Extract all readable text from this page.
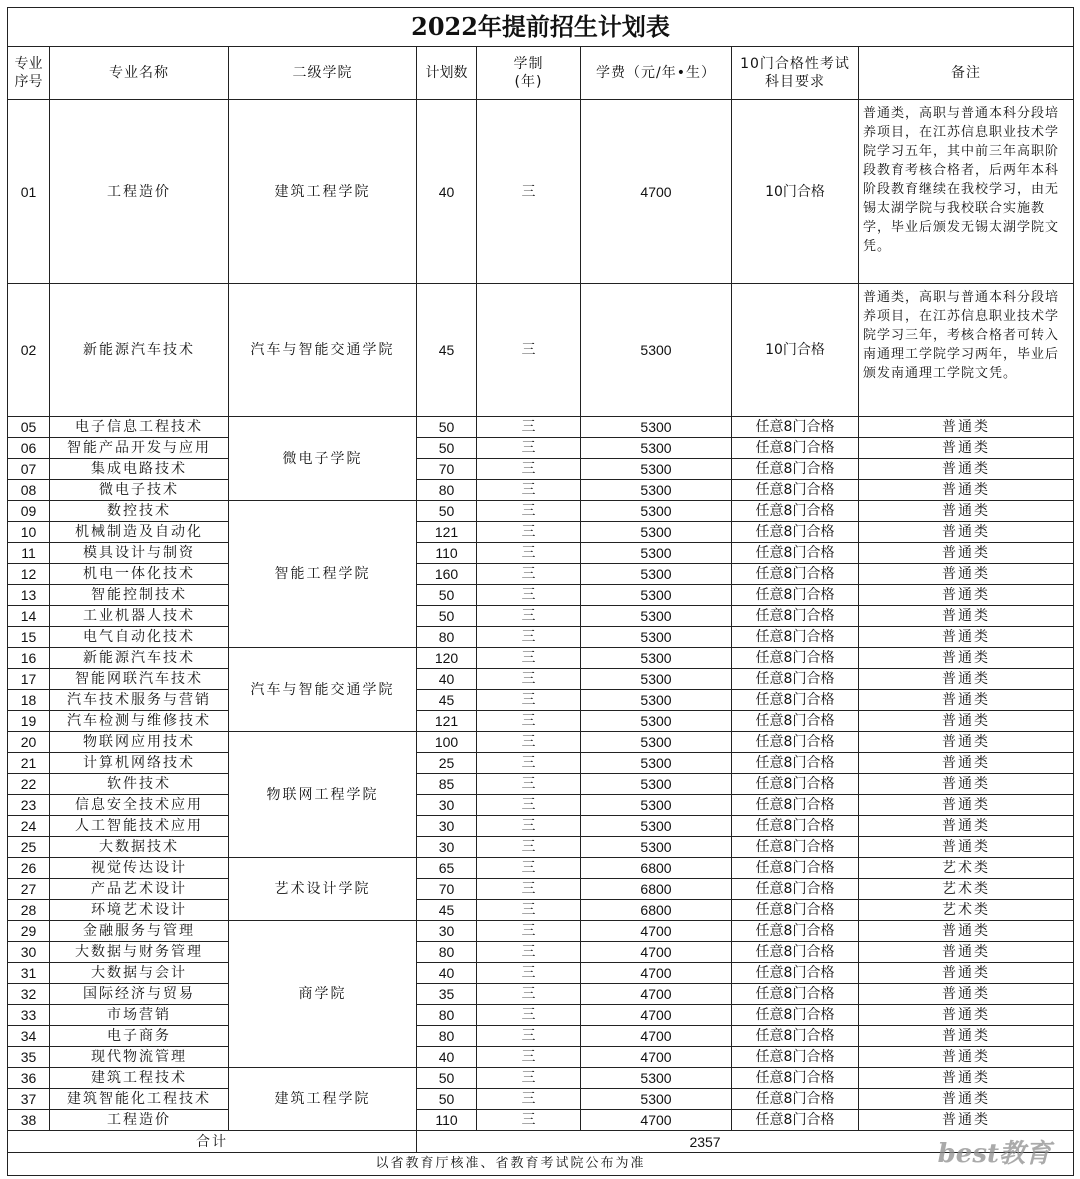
2022年提前招生计划表							
专业序号	专业名称	二级学院	计划数	学制(年)	学费（元/年•生）	10门合格性考试科目要求	备注
01	工程造价	建筑工程学院	40	三	4700	10门合格	普通类，高职与普通本科分段培养项目，在江苏信息职业技术学院学习五年，其中前三年高职阶段教育考核合格者，后两年本科阶段教育继续在我校学习，由无锡太湖学院与我校联合实施教学，毕业后颁发无锡太湖学院文凭。
02	新能源汽车技术	汽车与智能交通学院	45	三	5300	10门合格	普通类，高职与普通本科分段培养项目，在江苏信息职业技术学院学习三年，考核合格者可转入南通理工学院学习两年，毕业后颁发南通理工学院文凭。
05	电子信息工程技术	微电子学院	50	三	5300	任意8门合格	普通类
06	智能产品开发与应用		50	三	5300	任意8门合格	普通类
07	集成电路技术		70	三	5300	任意8门合格	普通类
08	微电子技术		80	三	5300	任意8门合格	普通类
09	数控技术	智能工程学院	50	三	5300	任意8门合格	普通类
10	机械制造及自动化		121	三	5300	任意8门合格	普通类
11	模具设计与制资		110	三	5300	任意8门合格	普通类
12	机电一体化技术		160	三	5300	任意8门合格	普通类
13	智能控制技术		50	三	5300	任意8门合格	普通类
14	工业机器人技术		50	三	5300	任意8门合格	普通类
15	电气自动化技术		80	三	5300	任意8门合格	普通类
16	新能源汽车技术	汽车与智能交通学院	120	三	5300	任意8门合格	普通类
17	智能网联汽车技术		40	三	5300	任意8门合格	普通类
18	汽车技术服务与营销		45	三	5300	任意8门合格	普通类
19	汽车检测与维修技术		121	三	5300	任意8门合格	普通类
20	物联网应用技术	物联网工程学院	100	三	5300	任意8门合格	普通类
21	计算机网络技术		25	三	5300	任意8门合格	普通类
22	软件技术		85	三	5300	任意8门合格	普通类
23	信息安全技术应用		30	三	5300	任意8门合格	普通类
24	人工智能技术应用		30	三	5300	任意8门合格	普通类
25	大数据技术		30	三	5300	任意8门合格	普通类
26	视觉传达设计	艺术设计学院	65	三	6800	任意8门合格	艺术类
27	产品艺术设计		70	三	6800	任意8门合格	艺术类
28	环境艺术设计		45	三	6800	任意8门合格	艺术类
29	金融服务与管理	商学院	30	三	4700	任意8门合格	普通类
30	大数据与财务管理		80	三	4700	任意8门合格	普通类
31	大数据与会计		40	三	4700	任意8门合格	普通类
32	国际经济与贸易		35	三	4700	任意8门合格	普通类
33	市场营销		80	三	4700	任意8门合格	普通类
34	电子商务		80	三	4700	任意8门合格	普通类
35	现代物流管理		40	三	4700	任意8门合格	普通类
36	建筑工程技术	建筑工程学院	50	三	5300	任意8门合格	普通类
37	建筑智能化工程技术		50	三	5300	任意8门合格	普通类
38	工程造价		110	三	4700	任意8门合格	普通类
合计			2357				
以省教育厅核准、省教育考试院公布为准								best教育
